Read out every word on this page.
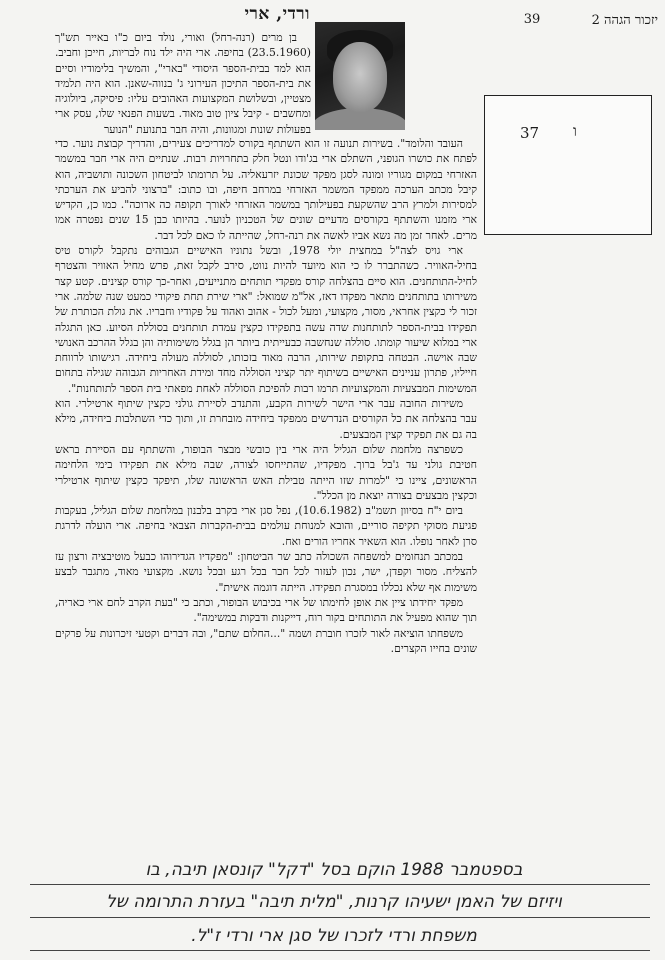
יזכור הגהה 2
39
ורדי, ארי

בן מרים (רנה-רחל) ואורי, נולד ביום כ"ו באייר תש"ך (23.5.1960) בחיפה. ארי היה ילד נוח לבריות, חייכן וחביב. הוא למד בבית-הספר היסודי "בארי", והמשיך בלימודיו וסיים את בית-הספר התיכון העירוני ג' בנווה-שאנן. הוא היה תלמיד מצטיין, ובשלושת המקצועות האהובים עליו: פיסיקה, ביולוגיה ומחשבים - קיבל ציון טוב מאוד. בשעות הפנאי שלו, עסק ארי בפעולות שונות ומגוונות, והיה חבר בתנועת "הנוער	37 ו

העובד והלומד". בשירות תנועה זו הוא השתתף בקורס למדריכים צעירים, והדריך קבוצת נוער. כדי לפתח את כושרו הגופני, השתלם ארי בג'ודו ונטל חלק בתחרויות רבות. שנתיים היה ארי חבר במשמר האזרחי במקום מגוריו ומונה לסגן מפקד שכונת יזרעאליה. על תרומתו לביטחון השכונה ותושביה, הוא קיבל מכתב הערכה ממפקד המשמר האזרחי במרחב חיפה, ובו כתוב: "ברצוני להביע את הערכתי למסירות ולמרץ הרב שהשקעת בפעילותך במשמר האזרחי לאורך תקופה כה ארוכה". כמו כן, הקדיש ארי מזמנו והשתתף בקורסים מדעיים שונים של הטכניון לנוער. בהיותו כבן 15 שנים נפטרה אמו מרים. לאחר זמן מה נשא אביו לאשה את רנה-רחל, שהייתה לו כאם לכל דבר.

ארי גויס לצה"ל במחצית יולי 1978, ובשל נתוניו האישיים הגבוהים נתקבל לקורס טיס בחיל-האוויר. כשהתברר לו כי הוא מיועד להיות נווט, סירב לקבל זאת, פרש מחיל האוויר והצטרף לחיל-התותחנים. הוא סיים בהצלחה קורס מפקדי תותחים מתנייעים, ואחר-כך קורס קצינים. קטע קצר משירותו בתותחנים מתאר מפקדו דאז, אל"מ שמואל: "ארי שירת תחת פיקודי כמעט שנה שלמה. ארי זכור לי כקצין אחראי, מסור, מקצועי, ומעל לכול - אהוב ואהוד על פקודיו וחבריו. את גולת הכותרת של תפקידו בבית-הספר לתותחנות שדה עשה בתפקידו כקצין עמדת תותחנים בסוללת הסיוע. כאן התגלה ארי במלוא שיעור קומתו. סוללה שנחשבה כבעייתית ביותר הן בגלל משימותיה והן בגלל ההרכב האנושי שבה אוישה. הבטחה בתקופת שירותו, הרבה מאוד בזכותו, לסוללה מעולה ביחידה. רגישותו לרווחת חייליו, פתרון עניינים האישיים בשיתוף יתר קציני הסוללה מחד ומידת האחריות הגבוהה שגילה בתחום המשימות המבצעיות והמקצועיות תרמו רבות להפיכת הסוללה לאחת מפאתי בית הספר לתותחנות".

משירות החובה עבר ארי הישר לשירות הקבע, והתנדב לסיירת גולני כקצין שיתוף ארטילרי. הוא עבר בהצלחה את כל הקורסים הנדרשים ממפקד ביחידה מובחרת זו, ותוך כדי השתלבות ביחידה, מילא בה גם את תפקיד קצין המבצעים.

כשפרצה מלחמת שלום הגליל היה ארי בין כובשי מבצר הבופור, והשתתף עם הסיירת בראש חטיבת גולני עד ג'בל ברוך. מפקדיו, שהתייחסו לצורה, שבה מילא את תפקידו בימי הלחימה הראשונים, ציינו כי "למרות שזו הייתה טבילת האש הראשונה שלו, תיפקד כקצין שיתוף ארטילרי וכקצין מבצעים בצורה יוצאת מן הכלל".

ביום י"ח בסיוון תשמ"ב (10.6.1982), נפל סגן ארי בקרב בלבנון במלחמת שלום הגליל, בעקבות פגיעת מסוקי תקיפה סוריים, והובא למנוחת עולמים בבית-הקברות הצבאי בחיפה. ארי הועלה לדרגת סרן לאחר נופלו. הוא השאיר אחריו הורים ואח.

במכתב תנחומים למשפחה השכולה כתב שר הביטחון: "מפקדיו הגדירוהו כבעל מוטיבציה ורצון עז להצליח. מסור וקפדן, ישר, נכון לעזור לכל חבר בכל רגע ובכל נושא. מקצועי מאוד, מתגבר לבצע משימות אף שלא נכללו במסגרת תפקידו. הייתה דוגמה אישית".

מפקד יחידתו ציין את אופן לחימתו של ארי בכיבוש הבופור, וכתב כי "בעת הקרב לחם ארי כאריה, תוך שהוא מפעיל את התותחים בקור רוח, דייקנות ודבקות במשימה".

משפחתו הוציאה לאור לזכרו חוברת ושמה "...החלום שתם", ובה דברים וקטעי זיכרונות על פרקים שונים בחייו הקצרים.

בספטמבר 1988 הוקם בסל "דקל" קונסאן תיבה, בו
ויזיזם של האמן ישעיהו קרנות, "מלית תיבה" בעזרת התרומה של
משפחת ורדי לזכרו של סגן ארי ורדי ז"ל.
